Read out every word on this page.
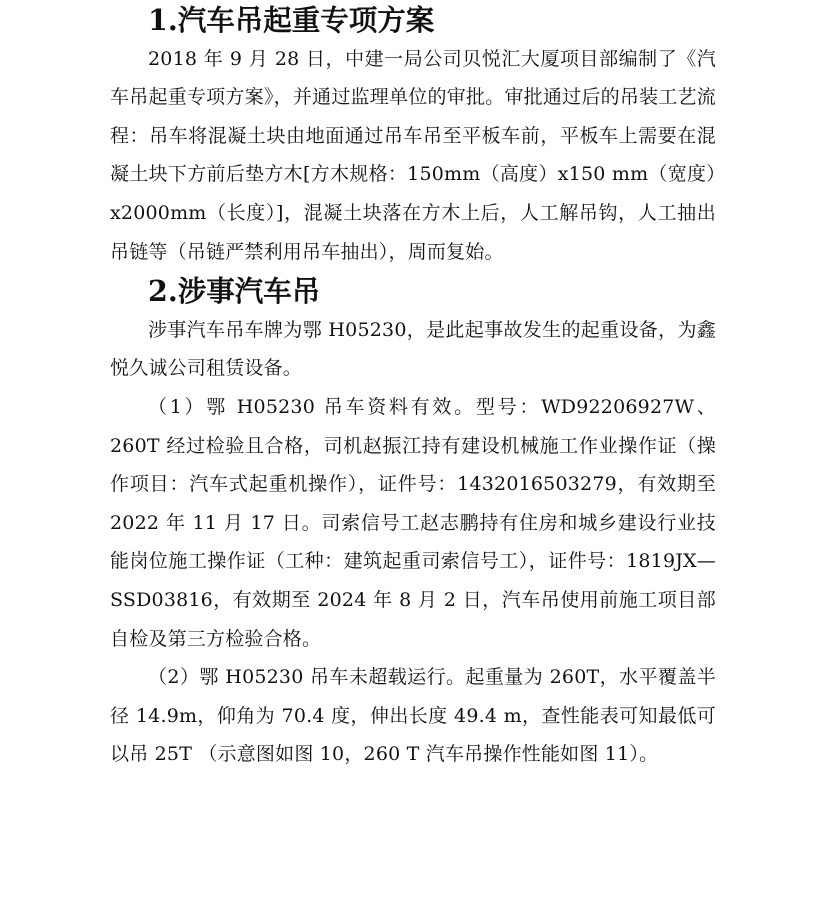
1.汽车吊起重专项方案

2018 年 9 月 28 日，中建一局公司贝悦汇大厦项目部编制了《汽车吊起重专项方案》，并通过监理单位的审批。审批通过后的吊装工艺流程：吊车将混凝土块由地面通过吊车吊至平板车前，平板车上需要在混凝土块下方前后垫方木[方木规格：150mm（高度）x150 mm（宽度）x2000mm（长度）]，混凝土块落在方木上后，人工解吊钩，人工抽出吊链等（吊链严禁利用吊车抽出），周而复始。

2.涉事汽车吊

涉事汽车吊车牌为鄂 H05230，是此起事故发生的起重设备，为鑫悦久诚公司租赁设备。

（1）鄂 H05230 吊车资料有效。型号：WD92206927W、260T 经过检验且合格，司机赵振江持有建设机械施工作业操作证（操作项目：汽车式起重机操作），证件号：1432016503279，有效期至 2022 年 11 月 17 日。司索信号工赵志鹏持有住房和城乡建设行业技能岗位施工操作证（工种：建筑起重司索信号工），证件号：1819JX—SSD03816，有效期至 2024 年 8 月 2 日，汽车吊使用前施工项目部自检及第三方检验合格。

（2）鄂 H05230 吊车未超载运行。起重量为 260T，水平覆盖半径 14.9m，仰角为 70.4 度，伸出长度 49.4 m，查性能表可知最低可以吊 25T （示意图如图 10，260 T 汽车吊操作性能如图 11）。
